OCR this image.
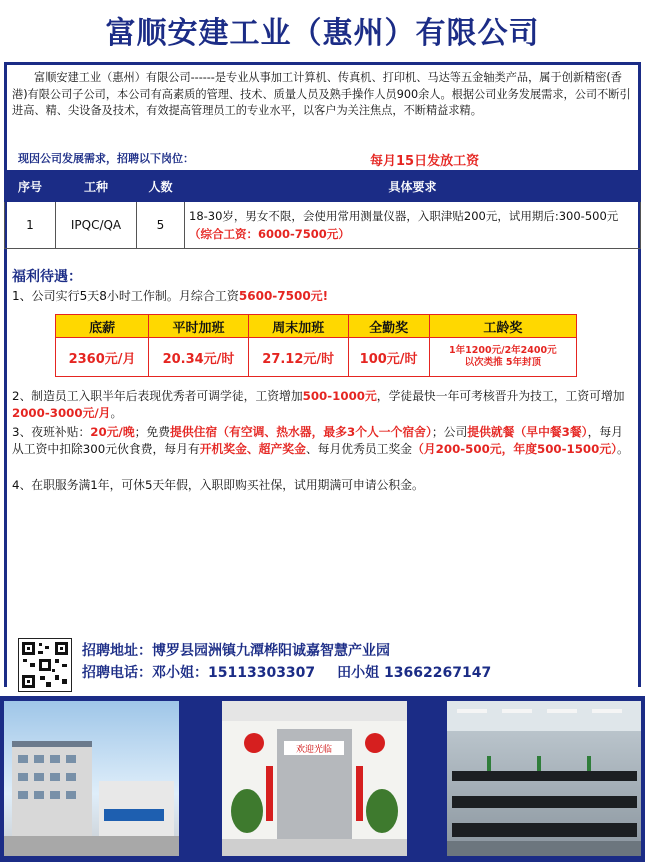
富顺安建工业（惠州）有限公司
富顺安建工业（惠州）有限公司------是专业从事加工计算机、传真机、打印机、马达等五金轴类产品，属于创新精密(香港)有限公司子公司，本公司有高素质的管理、技术、质量人员及熟手操作人员900余人。根据公司业务发展需求，公司不断引进高、精、尖设备及技术，有效提高管理员工的专业水平，以客户为关注焦点，不断精益求精。
现因公司发展需求，招聘以下岗位：	每月15日发放工资
序号	工种	人数	具体要求
1	IPQC/QA	5	18-30岁，男女不限，会使用常用测量仪器，入职津贴200元，试用期后:300-500元（综合工资：6000-7500元）
福利待遇：
1、公司实行5天8小时工作制。月综合工资5600-7500元!
底薪	平时加班	周末加班	全勤奖	工龄奖
2360元/月	20.34元/时	27.12元/时	100元/时	1年1200元/2年2400元
以次类推 5年封顶
2、制造员工入职半年后表现优秀者可调学徒，工资增加500-1000元，学徒最快一年可考核晋升为技工，工资可增加2000-3000元/月。
3、夜班补贴：20元/晚；免费提供住宿（有空调、热水器，最多3个人一个宿舍）；公司提供就餐（早中餐3餐），每月从工资中扣除300元伙食费，每月有开机奖金、超产奖金、每月优秀员工奖金（月200-500元，年度500-1500元）。
4、在职服务满1年，可休5天年假，入职即购买社保，试用期满可申请公积金。
招聘地址：博罗县园洲镇九潭桦阳诚嘉智慧产业园
招聘电话：邓小姐：15113303307 田小姐 13662267147
欢迎光临
